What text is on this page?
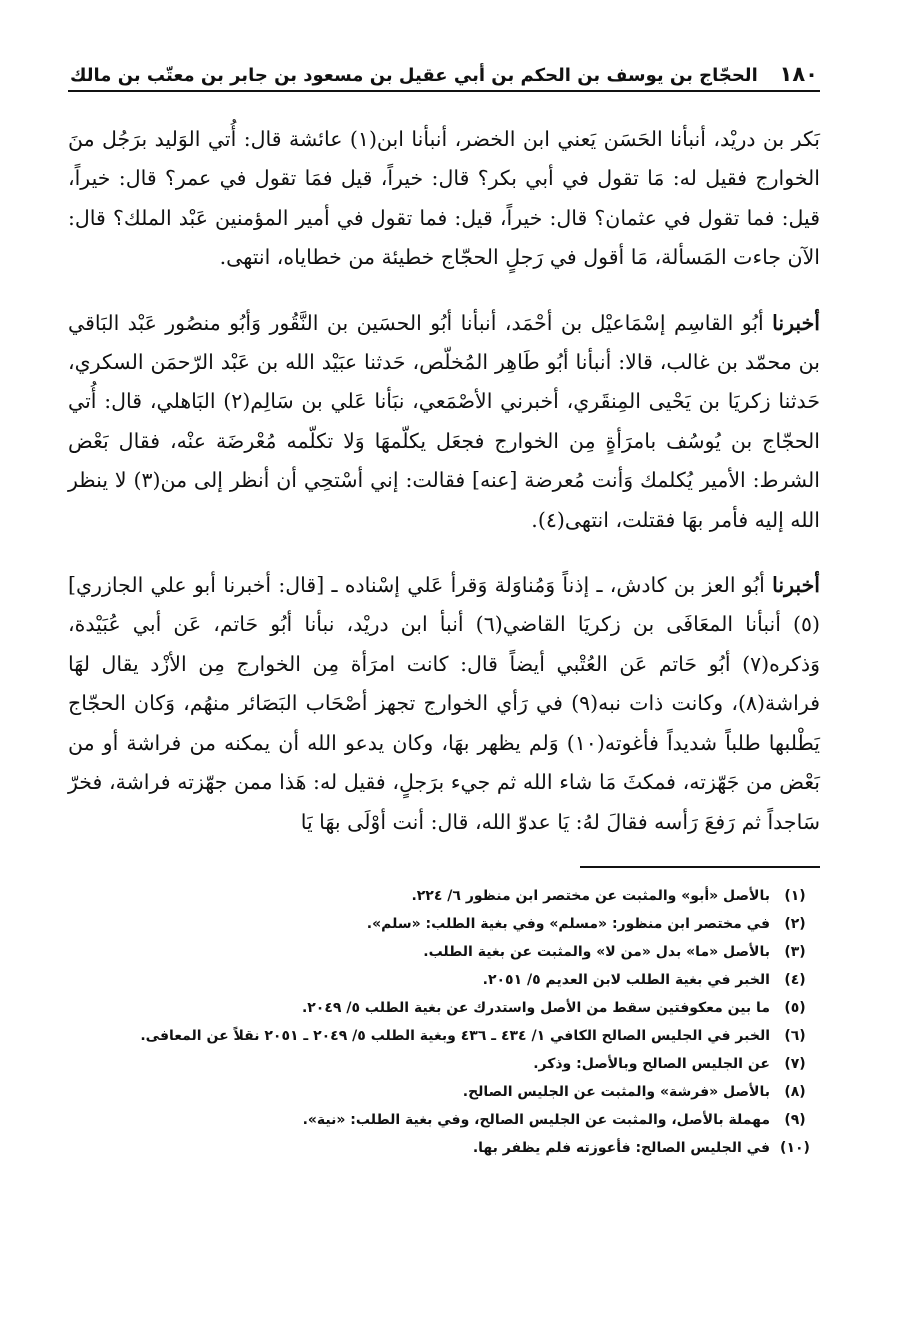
١٨٠
الحجّاج بن يوسف بن الحكم بن أبي عقيل بن مسعود بن جابر بن معتّب بن مالك

بَكر بن دريْد، أنبأنا الحَسَن يَعني ابن الخضر، أنبأنا ابن(١) عائشة قال: أُتي الوَليد برَجُل منَ الخوارج فقيل له: مَا تقول في أبي بكر؟ قال: خيراً، قيل فمَا تقول في عمر؟ قال: خيراً، قيل: فما تقول في عثمان؟ قال: خيراً، قيل: فما تقول في أمير المؤمنين عَبْد الملك؟ قال: الآن جاءت المَسألة، مَا أقول في رَجلٍ الحجّاج خطيئة من خطاياه، انتهى.

أخبرنا أبُو القاسِم إسْمَاعيْل بن أحْمَد، أنبأنا أبُو الحسَين بن النَّقُور وَأبُو منصُور عَبْد البَاقي بن محمّد بن غالب، قالا: أنبأنا أبُو طَاهِر المُخلّص، حَدثنا عبَيْد الله بن عَبْد الرّحمَن السكري، حَدثنا زكريَا بن يَحْيى المِنقَري، أخبرني الأصْمَعي، نبَأنا عَلي بن سَالِم(٢) البَاهلي، قال: أُتي الحجّاج بن يُوسُف بامرَأةٍ مِن الخوارج فجعَل يكلّمهَا وَلا تكلّمه مُعْرضَة عنْه، فقال بَعْض الشرط: الأمير يُكلمك وَأنت مُعرضة [عنه] فقالت: إني أسْتحِي أن أنظر إلى من(٣) لا ينظر الله إليه فأمر بهَا فقتلت، انتهى(٤).

أخبرنا أبُو العز بن كادش، ـ إذناً وَمُناوَلة وَقرأ عَلي إسْناده ـ [قال: أخبرنا أبو علي الجازري](٥) أنبأنا المعَافَى بن زكريَا القاضي(٦) أنبأ ابن دريْد، نبأنا أبُو حَاتم، عَن أبي عُبَيْدة، وَذكره(٧) أبُو حَاتم عَن العُتْبي أيضاً قال: كانت امرَأة مِن الخوارج مِن الأزْد يقال لهَا فراشة(٨)، وكانت ذات نبه(٩) في رَأي الخوارج تجهز أصْحَاب البَصَائر منهُم، وَكان الحجّاج يَطْلبها طلباً شديداً فأغوته(١٠) وَلم يظهر بهَا، وكان يدعو الله أن يمكنه من فراشة أو من بَعْض من جَهّزته، فمكثَ مَا شاء الله ثم جيء برَجلٍ، فقيل له: هَذا ممن جهّزته فراشة، فخرّ سَاجداً ثم رَفعَ رَأسه فقالَ لهُ: يَا عدوّ الله، قال: أنت أوْلَى بهَا يَا

(١)
بالأصل «أبو» والمثبت عن مختصر ابن منظور ٦/ ٢٢٤.
(٢)
في مختصر ابن منظور: «مسلم» وفي بغية الطلب: «سلم».
(٣)
بالأصل «ما» بدل «من لا» والمثبت عن بغية الطلب.
(٤)
الخبر في بغية الطلب لابن العديم ٥/ ٢٠٥١.
(٥)
ما بين معكوفتين سقط من الأصل واستدرك عن بغية الطلب ٥/ ٢٠٤٩.
(٦)
الخبر في الجليس الصالح الكافي ١/ ٤٣٤ ـ ٤٣٦ وبغية الطلب ٥/ ٢٠٤٩ ـ ٢٠٥١ نقلاً عن المعافى.
(٧)
عن الجليس الصالح وبالأصل: وذكر.
(٨)
بالأصل «فرشة» والمثبت عن الجليس الصالح.
(٩)
مهملة بالأصل، والمثبت عن الجليس الصالح، وفي بغية الطلب: «نية».
(١٠)
في الجليس الصالح: فأعوزته فلم يظفر بها.
